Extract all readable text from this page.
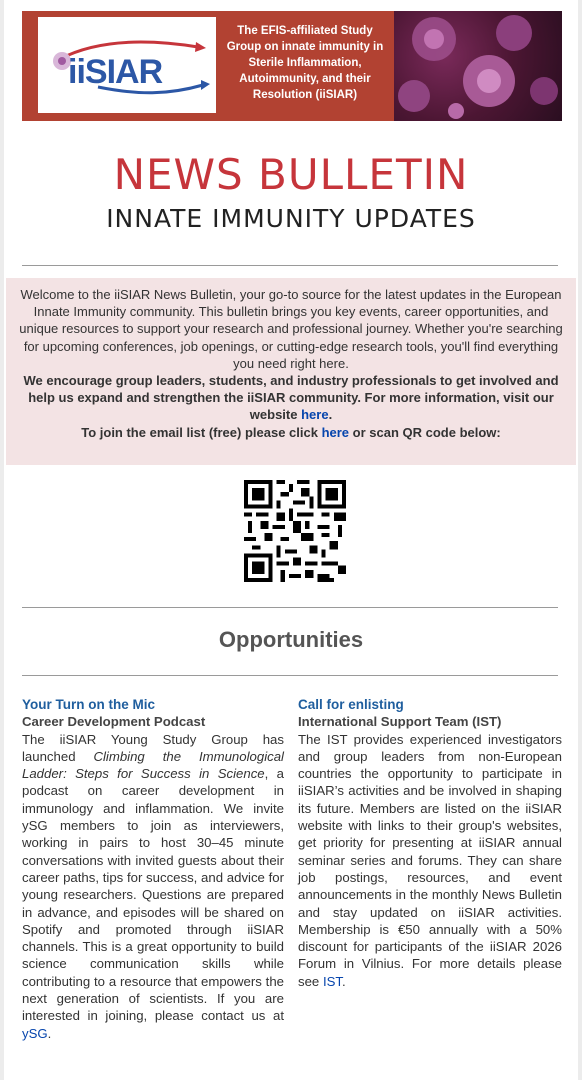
iiSIAR
The EFIS-affiliated Study Group on innate immunity in Sterile Inflammation, Autoimmunity, and their Resolution (iiSIAR)
NEWS BULLETIN
INNATE IMMUNITY UPDATES
Welcome to the iiSIAR News Bulletin, your go-to source for the latest updates in the European Innate Immunity community. This bulletin brings you key events, career opportunities, and unique resources to support your research and professional journey. Whether you're searching for upcoming conferences, job openings, or cutting-edge research tools, you'll find everything you need right here.
We encourage group leaders, students, and industry professionals to get involved and help us expand and strengthen the iiSIAR community. For more information, visit our website here.
To join the email list (free) please click here or scan QR code below:
Opportunities
Your Turn on the Mic
Career Development Podcast
The iiSIAR Young Study Group has launched Climbing the Immunological Ladder: Steps for Success in Science, a podcast on career development in immunology and inflammation. We invite ySG members to join as interviewers, working in pairs to host 30–45 minute conversations with invited guests about their career paths, tips for success, and advice for young researchers. Questions are prepared in advance, and episodes will be shared on Spotify and promoted through iiSIAR channels. This is a great opportunity to build science communication skills while contributing to a resource that empowers the next generation of scientists. If you are interested in joining, please contact us at ySG.
Call for enlisting
International Support Team (IST)
The IST provides experienced investigators and group leaders from non-European countries the opportunity to participate in iiSIAR’s activities and be involved in shaping its future. Members are listed on the iiSIAR website with links to their group's websites, get priority for presenting at iiSIAR annual seminar series and forums. They can share job postings, resources, and event announcements in the monthly News Bulletin and stay updated on iiSIAR activities. Membership is €50 annually with a 50% discount for participants of the iiSIAR 2026 Forum in Vilnius. For more details please see IST.
